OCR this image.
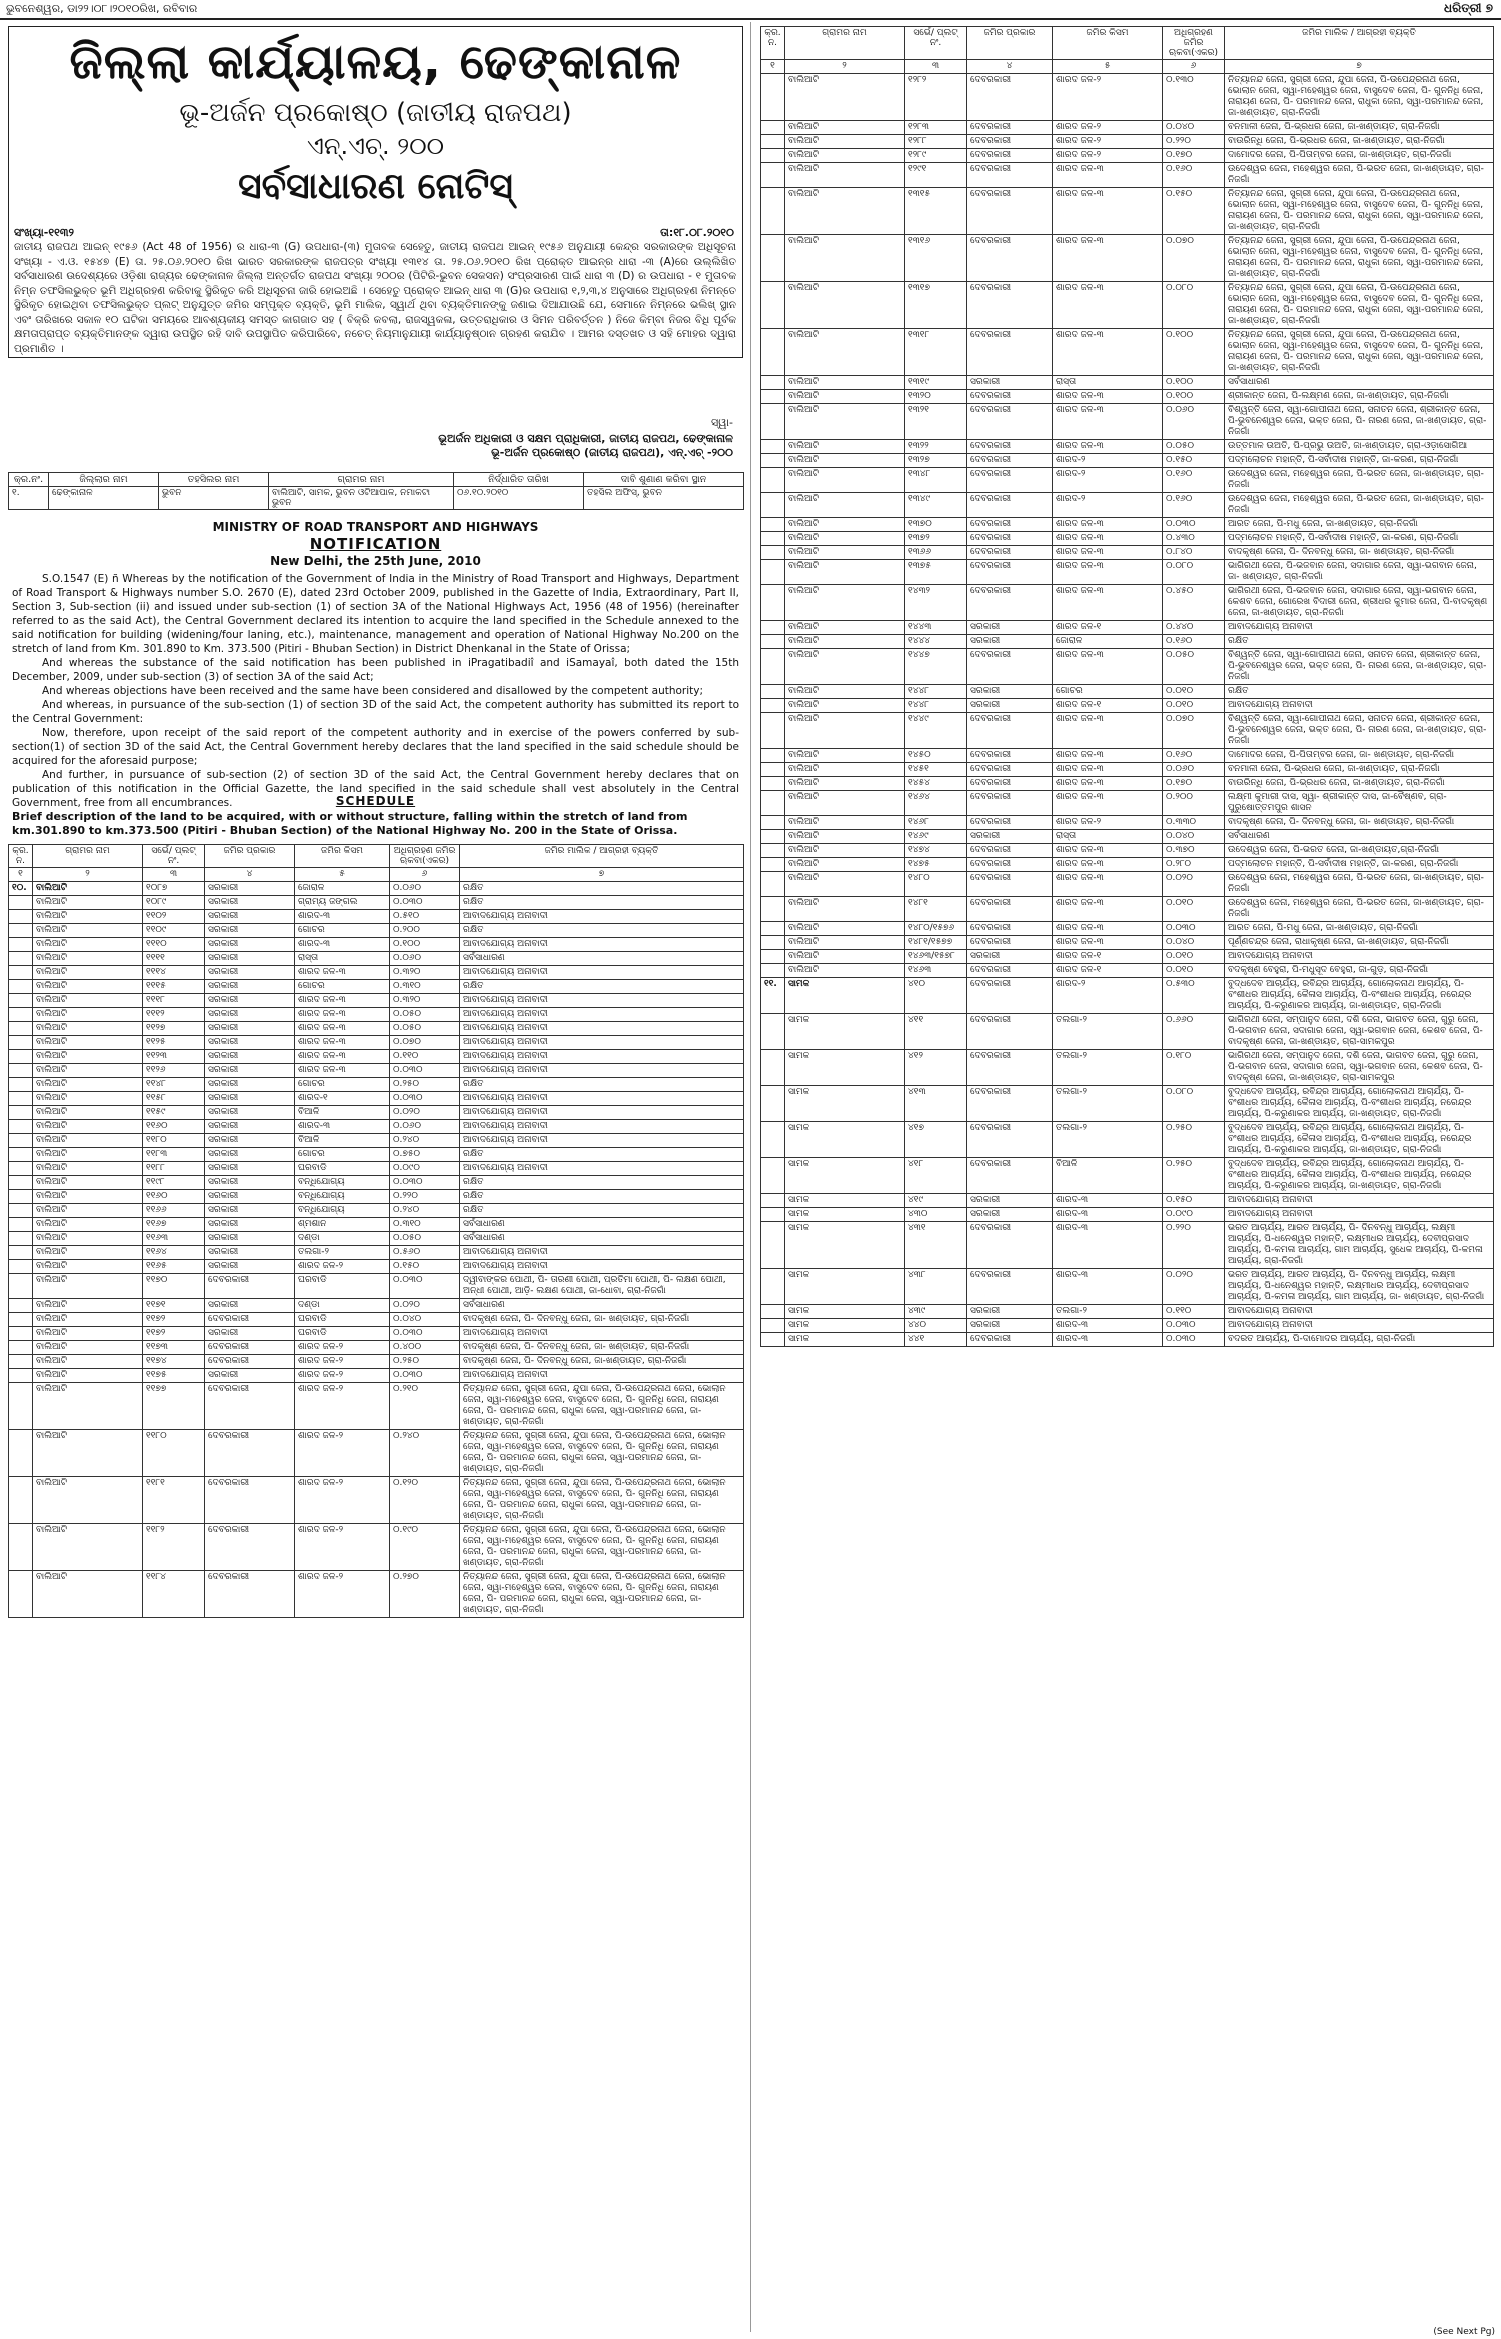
ଭୁବନେଶ୍ୱର, ଡା୨୨।୦୮।୨୦୧୦ରିଖ, ରବିବାର	ଧରିତ୍ରୀ ୭
ଜିଲ୍ଲା କାର୍ଯ୍ୟାଳୟ, ଢେଙ୍କାନାଳ
ଭୂ-ଅର୍ଜନ ପ୍ରକୋଷ୍ଠ (ଜାତୀୟ ରାଜପଥ)
ଏନ୍.ଏଚ୍. ୨୦୦
ସର୍ବସାଧାରଣ ନୋଟିସ୍
ସଂଖ୍ୟା-୧୧୩୨	ତା:୧୮.୦୮.୨୦୧୦
ଜାତୀୟ ରାଜପଥ ଆଇନ୍ ୧୯୫୬ (Act 48 of 1956) ର ଧାରା-୩ (G) ଉପଧାରା-(୩) ମୁତାବକ ସେହେତୁ, ଜାତୀୟ ରାଜପଥ ଆଇନ୍ ୧୯୫୬ ଅନୁଯାୟୀ କେନ୍ଦ୍ର ସରକାରଙ୍କ ଅଧିସୂଚନା ସଂଖ୍ୟା - ଏ.ଓ. ୧୫୪୭ (E) ତା. ୨୫.୦୬.୨୦୧୦ ରିଖ ଭାରତ ସରକାରଙ୍କ ରାଜପତ୍ର ସଂଖ୍ୟା ୧୩୧୪ ତା. ୨୫.୦୬.୨୦୧୦ ରିଖ ପ୍ରୋକ୍ତ ଆଇନ୍‌ର ଧାରା -୩ (A)ରେ ଉଲ୍ଲିଖିତ ସର୍ବସାଧାରଣ ଉଦେଶ୍ୟରେ ଓଡ଼ିଶା ରାଜ୍ୟର ଢେଙ୍କାନାଳ ଜିଲ୍ଲା ଅନ୍ତର୍ଗତ ରାଜପଥ ସଂଖ୍ୟା ୨୦୦ର (ପିଟିରି-ଭୁବନ ସେକସନ) ସଂପ୍ରସାରଣ ପାଇଁ ଧାରା ୩ (D) ର ଉପଧାରା - ୧ ମୁତାବକ ନିମ୍ନ ତଫସିଲଭୁକ୍ତ ଭୂମି ଅଧିଗ୍ରହଣ କରିବାକୁ ସ୍ଥିରିକୃତ କରି ଅଧିସୂଚନା ଜାରି ହୋଇଅଛି । ସେହେତୁ ପ୍ରୋକ୍ତ ଆଇନ୍ ଧାରା ୩ (G)ର ଉପଧାରା ୧,୨,୩,୪ ଅନୁସାରେ ଅଧିଗ୍ରହଣ ନିମନ୍ତେ ସ୍ଥିରିକୃତ ହୋଇଥିବା ତଫସିଲଭୁକ୍ତ ପ୍ଲଟ୍ ଅନୁଯୁତ୍ତ ଜମିର ସମ୍ପୃକ୍ତ ବ୍ୟକ୍ତି, ଭୂମି ମାଲିକ, ସ୍ୱାର୍ଥ ଥିବା ବ୍ୟକ୍ତିମାନଙ୍କୁ ଜଣାଇ ଦିଆଯାଉଛି ଯେ, ସେମାନେ ନିମ୍ନରେ ଭଲିଖ୍ ସ୍ଥାନ ଏବଂ ତାରିଖରେ ସକାଳ ୧୦ ଘଟିକା ସମୟରେ ଆବଶ୍ୟକୀୟ ସମସ୍ତ କାଗଜାତ ସହ ( ବିକ୍ରି କବଲା, ରାଜସ୍ୱକଳା, ଉତ୍ତରାଧିକାର ଓ ସିମନ ପରିବର୍ତ୍ତନ ) ନିଜେ କିମ୍ବା ନିଜର ବିଧି ପୂର୍ବକ କ୍ଷମତାପ୍ରାପ୍ତ ବ୍ୟକ୍ତିମାନଙ୍କ ଦ୍ୱାରା ଉପସ୍ଥିତ ରହି ଦାବି ଉପସ୍ଥାପିତ କରିପାରିବେ, ନଚେତ୍ ନିୟମାନୁଯାୟୀ କାର୍ଯ୍ୟାନୁଷ୍ଠାନ ଗ୍ରହଣ କରାଯିବ । ଆମର ଦସ୍ତଖତ ଓ ସହି ମୋହର ଦ୍ୱାରା ପ୍ରମାଣିତ ।
ସ୍ୱା-
ଭୂଅର୍ଜନ ଅଧିକାରୀ ଓ ସକ୍ଷମ ପ୍ରାଧିକାରୀ, ଜାତୀୟ ରାଜପଥ, ଢେଙ୍କାନାଳ
ଭୂ-ଅର୍ଜନ ପ୍ରକୋଷ୍ଠ (ଜାତୀୟ ରାଜପଥ), ଏନ୍.ଏଚ୍ -୨୦୦
କ୍ର.ନଂ.	ଜିଲ୍ଲାର ନାମ	ତହସିଲର ନାମ	ଗ୍ରାମର ନାମ	ନିର୍ଦ୍ଧାରିତ ତାରିଖ	ଦାବି ଶୁଣାଣ କରିବା ସ୍ଥାନ
୧.	ଢେଙ୍କାନାଳ	ଭୁବନ	ବାଲିଆଟି, ସାମକ, ଭୁବନ ଓଟିଆପାଳ, ନମାକଟା ଭୁବନ	୦୬.୧୦.୨୦୧୦	ତହସିଲ ଅଫିସ୍, ଭୁବନ
MINISTRY OF ROAD TRANSPORT AND HIGHWAYS
NOTIFICATION
New Delhi, the 25th June, 2010

S.O.1547 (E) ñ Whereas by the notification of the Government of India in the Ministry of Road Transport and Highways, Department of Road Transport & Highways number S.O. 2670 (E), dated 23rd October 2009, published in the Gazette of India, Extraordinary, Part II, Section 3, Sub-section (ii) and issued under sub-section (1) of section 3A of the National Highways Act, 1956 (48 of 1956) (hereinafter referred to as the said Act), the Central Government declared its intention to acquire the land specified in the Schedule annexed to the said notification for building (widening/four laning, etc.), maintenance, management and operation of National Highway No.200 on the stretch of land from Km. 301.890 to Km. 373.500 (Pitiri - Bhuban Section) in District Dhenkanal in the State of Orissa;

And whereas the substance of the said notification has been published in iPragatibadiî and iSamayaî, both dated the 15th December, 2009, under sub-section (3) of section 3A of the said Act;

And whereas objections have been received and the same have been considered and disallowed by the competent authority;

And whereas, in pursuance of the sub-section (1) of section 3D of the said Act, the competent authority has submitted its report to the Central Government:

Now, therefore, upon receipt of the said report of the competent authority and in exercise of the powers conferred by sub-section(1) of section 3D of the said Act, the Central Government hereby declares that the land specified in the said schedule should be acquired for the aforesaid purpose;

And further, in pursuance of sub-section (2) of section 3D of the said Act, the Central Government hereby declares that on publication of this notification in the Official Gazette, the land specified in the said schedule shall vest absolutely in the Central Government, free from all encumbrances.	SCHEDULE
Brief description of the land to be acquired, with or without structure, falling within the stretch of land from km.301.890 to km.373.500 (Pitiri - Bhuban Section) of the National Highway No. 200 in the State of Orissa.
କ୍ର. ନ.	ଗ୍ରାମର ନାମ	ସର୍ଭେ/ ପ୍ଲଟ୍ ନଂ.	ଜମିର ପ୍ରକାର	ଜମିର କିସମ	ଅଧିଗ୍ରହଣ ଜମିର ଋକବା(ଏକର)	ଜମିର ମାଲିକ / ଆଗ୍ରହୀ ବ୍ୟକ୍ତି
୧	୨	୩	୪	୫	୬	୭
୧୦.	ବାଲିଆଟି	୧୦୮୭	ସରକାରୀ	ଜୋରାଳ	୦.୦୬୦	ରକ୍ଷିତ
	ବାଲିଆଟି	୧୦୮୯	ସରକାରୀ	ଗ୍ରାମ୍ୟ ଜଙ୍ଗଲ	୦.୦୩୦	ରକ୍ଷିତ
	ବାଲିଆଟି	୧୧୦୨	ସରକାରୀ	ଶାରଦ-୩	୦.୫୧୦	ଆବାଦଯୋଗ୍ୟ ଅନାବାଦୀ
	ବାଲିଆଟି	୧୧୦୯	ସରକାରୀ	ଗୋଚର	୦.୨୦୦	ରକ୍ଷିତ
	ବାଲିଆଟି	୧୧୧୦	ସରକାରୀ	ଶାରଦ-୩	୦.୧୦୦	ଆବାଦଯୋଗ୍ୟ ଅନାବାଦୀ
	ବାଲିଆଟି	୧୧୧୧	ସରକାରୀ	ରାସ୍ତା	୦.୦୬୦	ସର୍ବସାଧାରଣ
	ବାଲିଆଟି	୧୧୧୪	ସରକାରୀ	ଶାରଦ ଜଳ-୩	୦.୩୨୦	ଆବାଦଯୋଗ୍ୟ ଅନାବାଦୀ
	ବାଲିଆଟି	୧୧୧୫	ସରକାରୀ	ଗୋଚର	୦.୩୧୦	ରକ୍ଷିତ
	ବାଲିଆଟି	୧୧୧୮	ସରକାରୀ	ଶାରଦ ଜଳ-୩	୦.୩୨୦	ଆବାଦଯୋଗ୍ୟ ଅନାବାଦୀ
	ବାଲିଆଟି	୧୧୧୨	ସରକାରୀ	ଶାରଦ ଜଳ-୩	୦.୦୫୦	ଆବାଦଯୋଗ୍ୟ ଅନାବାଦୀ
	ବାଲିଆଟି	୧୧୨୭	ସରକାରୀ	ଶାରଦ ଜଳ-୩	୦.୦୫୦	ଆବାଦଯୋଗ୍ୟ ଅନାବାଦୀ
	ବାଲିଆଟି	୧୧୨୫	ସରକାରୀ	ଶାରଦ ଜଳ-୩	୦.୦୭୦	ଆବାଦଯୋଗ୍ୟ ଅନାବାଦୀ
	ବାଲିଆଟି	୧୧୨୩	ସରକାରୀ	ଶାରଦ ଜଳ-୩	୦.୧୧୦	ଆବାଦଯୋଗ୍ୟ ଅନାବାଦୀ
	ବାଲିଆଟି	୧୧୨୬	ସରକାରୀ	ଶାରଦ ଜଳ-୩	୦.୦୩୦	ଆବାଦଯୋଗ୍ୟ ଅନାବାଦୀ
	ବାଲିଆଟି	୧୧୪୮	ସରକାରୀ	ଗୋଚର	୦.୨୫୦	ରକ୍ଷିତ
	ବାଲିଆଟି	୧୧୫୮	ସରକାରୀ	ଶାରଦ-୧	୦.୦୩୦	ଆବାଦଯୋଗ୍ୟ ଅନାବାଦୀ
	ବାଲିଆଟି	୧୧୫୯	ସରକାରୀ	ବିଆଳି	୦.୦୨୦	ଆବାଦଯୋଗ୍ୟ ଅନାବାଦୀ
	ବାଲିଆଟି	୧୧୬୦	ସରକାରୀ	ଶାରଦ-୩	୦.୦୬୦	ଆବାଦଯୋଗ୍ୟ ଅନାବାଦୀ
	ବାଲିଆଟି	୧୧୮୦	ସରକାରୀ	ବିଆଳି	୦.୨୪୦	ଆବାଦଯୋଗ୍ୟ ଅନାବାଦୀ
	ବାଲିଆଟି	୧୧୮୩	ସରକାରୀ	ଗୋଚର	୦.୭୫୦	ରକ୍ଷିତ
	ବାଲିଆଟି	୧୧୮୮	ସରକାରୀ	ଘରବାଡି	୦.୦୯୦	ଆବାଦଯୋଗ୍ୟ ଅନାବାଦୀ
	ବାଲିଆଟି	୧୧୯୮	ସରକାରୀ	ବନ୍ଧିଯୋଗ୍ୟ	୦.୦୩୦	ରକ୍ଷିତ
	ବାଲିଆଟି	୧୧୬୦	ସରକାରୀ	ବନ୍ଧିଯୋଗ୍ୟ	୦.୨୨୦	ରକ୍ଷିତ
	ବାଲିଆଟି	୧୧୬୬	ସରକାରୀ	ବନ୍ଧିଯୋଗ୍ୟ	୦.୨୪୦	ରକ୍ଷିତ
	ବାଲିଆଟି	୧୧୬୭	ସରକାରୀ	ଶ୍ମଶାନ	୦.୩୧୦	ସର୍ବସାଧାରଣ
	ବାଲିଆଟି	୧୧୬୩	ସରକାରୀ	ଦଣ୍ଡା	୦.୦୫୦	ସର୍ବସାଧାରଣ
	ବାଲିଆଟି	୧୧୬୪	ସରକାରୀ	ତଲଗା-୨	୦.୫୬୦	ଆବାଦଯୋଗ୍ୟ ଅନାବାଦୀ
	ବାଲିଆଟି	୧୧୬୫	ସରକାରୀ	ଶାରଦ ଜଳ-୨	୦.୧୫୦	ଆବାଦଯୋଗ୍ୟ ଅନାବାଦୀ
	ବାଲିଆଟି	୧୧୭୦	ଦେବରକାରୀ	ଘରବାଡି	୦.୦୩୦	ଦ୍ୱୀବାଙ୍କର ପୋଥୀ, ପି- ତାରଣୀ ପୋଥୀ, ପ୍ରତିମା ପୋଥୀ, ପି- ଲକ୍ଷଣ ପୋଥୀ, ଅନ୍ଧୀ ପୋଥୀ, ଆଡ଼ି- ଲକ୍ଷଣ ପୋଥୀ, ଜା-ଧୋବା, ଗ୍ରା-ନିଜଗାଁ
	ବାଲିଆଟି	୧୧୭୧	ସରକାରୀ	ଦଣ୍ଡା	୦.୦୨୦	ସର୍ବସାଧାରଣ
	ବାଲିଆଟି	୧୧୭୨	ଦେବରକାରୀ	ଘରବାଡି	୦.୦୪୦	ବାଦକୃଷ୍ଣ ଜେନା, ପି- ଦିନବନ୍ଧୁ ଜେନା, ଜା- ଖଣ୍ଡାୟତ, ଗ୍ରା-ନିଜଗାଁ
	ବାଲିଆଟି	୧୧୭୨	ସରକାରୀ	ଘରବାଡି	୦.୦୩୦	ଆବାଦଯୋଗ୍ୟ ଅନାବାଦୀ
	ବାଲିଆଟି	୧୧୭୩	ଦେବରକାରୀ	ଶାରଦ ଜଳ-୨	୦.୪୦୦	ବାଦକୃଷ୍ଣ ଜେନା, ପି- ଦିନବନ୍ଧୁ ଜେନା, ଜା- ଖଣ୍ଡାୟତ, ଗ୍ରା-ନିଜଗାଁ
	ବାଲିଆଟି	୧୧୭୪	ଦେବରକାରୀ	ଶାରଦ ଜଳ-୨	୦.୨୫୦	ବାଦକୃଷ୍ଣ ଜେନା, ପି- ଦିନବନ୍ଧୁ ଜେନା, ଜା-ଖଣ୍ଡାୟତ, ଗ୍ରା-ନିଜଗାଁ
	ବାଲିଆଟି	୧୧୭୫	ସରକାରୀ	ଶାରଦ ଜଳ-୨	୦.୦୩୦	ଆବାଦଯୋଗ୍ୟ ଅନାବାଦୀ
	ବାଲିଆଟି	୧୧୭୭	ଦେବରକାରୀ	ଶାରଦ ଜଳ-୨	୦.୨୧୦	ନିତ୍ୟାନନ୍ଦ ଜେନା, ସୁଗ୍ରୀ ଜେନା, ନ୍ଦୁପା ଜେନା, ପି-ଉପେନ୍ଦ୍ରନାଥ ଜେନା, ଭୋଲାନ ଜେନା, ସ୍ୱା-ମହେଶ୍ୱର ଜେନା, ବାସୁଦେବ ଜେନା, ପି- ଗୁନନିଧି ଜେନା, ନାରାୟଣ ଜେନା, ପି- ପରମାନନ୍ଦ ଜେନା, ରାଧୁକା ଜେନା, ସ୍ୱା-ପରମାନନ୍ଦ ଜେନା, ଜା-ଖଣ୍ଡାୟତ, ଗ୍ରା-ନିଜଗାଁ
	ବାଲିଆଟି	୧୧୮୦	ଦେବରକାରୀ	ଶାରଦ ଜଳ-୨	୦.୨୪୦	ନିତ୍ୟାନନ୍ଦ ଜେନା, ସୁଗ୍ରୀ ଜେନା, ନ୍ଦୁପା ଜେନା, ପି-ଉପେନ୍ଦ୍ରନାଥ ଜେନା, ଭୋଲାନ ଜେନା, ସ୍ୱା-ମହେଶ୍ୱର ଜେନା, ବାସୁଦେବ ଜେନା, ପି- ଗୁନନିଧି ଜେନା, ନାରାୟଣ ଜେନା, ପି- ପରମାନନ୍ଦ ଜେନା, ରାଧୁକା ଜେନା, ସ୍ୱା-ପରମାନନ୍ଦ ଜେନା, ଜା-ଖଣ୍ଡାୟତ, ଗ୍ରା-ନିଜଗାଁ
	ବାଲିଆଟି	୧୧୮୧	ଦେବରକାରୀ	ଶାରଦ ଜଳ-୨	୦.୧୨୦	ନିତ୍ୟାନନ୍ଦ ଜେନା, ସୁଗ୍ରୀ ଜେନା, ନ୍ଦୁପା ଜେନା, ପି-ଉପେନ୍ଦ୍ରନାଥ ଜେନା, ଭୋଲାନ ଜେନା, ସ୍ୱା-ମହେଶ୍ୱର ଜେନା, ବାସୁଦେବ ଜେନା, ପି- ଗୁନନିଧି ଜେନା, ନାରାୟଣ ଜେନା, ପି- ପରମାନନ୍ଦ ଜେନା, ରାଧୁକା ଜେନା, ସ୍ୱା-ପରମାନନ୍ଦ ଜେନା, ଜା-ଖଣ୍ଡାୟତ, ଗ୍ରା-ନିଜଗାଁ
	ବାଲିଆଟି	୧୧୮୨	ଦେବରକାରୀ	ଶାରଦ ଜଳ-୨	୦.୧୯୦	ନିତ୍ୟାନନ୍ଦ ଜେନା, ସୁଗ୍ରୀ ଜେନା, ନ୍ଦୁପା ଜେନା, ପି-ଉପେନ୍ଦ୍ରନାଥ ଜେନା, ଭୋଲାନ ଜେନା, ସ୍ୱା-ମହେଶ୍ୱର ଜେନା, ବାସୁଦେବ ଜେନା, ପି- ଗୁନନିଧି ଜେନା, ନାରାୟଣ ଜେନା, ପି- ପରମାନନ୍ଦ ଜେନା, ରାଧୁକା ଜେନା, ସ୍ୱା-ପରମାନନ୍ଦ ଜେନା, ଜା-ଖଣ୍ଡାୟତ, ଗ୍ରା-ନିଜଗାଁ
	ବାଲିଆଟି	୧୧୮୪	ଦେବରକାରୀ	ଶାରଦ ଜଳ-୨	୦.୨୭୦	ନିତ୍ୟାନନ୍ଦ ଜେନା, ସୁଗ୍ରୀ ଜେନା, ନ୍ଦୁପା ଜେନା, ପି-ଉପେନ୍ଦ୍ରନାଥ ଜେନା, ଭୋଲାନ ଜେନା, ସ୍ୱା-ମହେଶ୍ୱର ଜେନା, ବାସୁଦେବ ଜେନା, ପି- ଗୁନନିଧି ଜେନା, ନାରାୟଣ ଜେନା, ପି- ପରମାନନ୍ଦ ଜେନା, ରାଧୁକା ଜେନା, ସ୍ୱା-ପରମାନନ୍ଦ ଜେନା, ଜା-ଖଣ୍ଡାୟତ, ଗ୍ରା-ନିଜଗାଁ
କ୍ର. ନ.	ଗ୍ରାମର ନାମ	ସର୍ଭେ/ ପ୍ଲଟ୍ ନଂ.	ଜମିର ପ୍ରକାର	ଜମିର କିସମ	ଅଧିଗ୍ରହଣ ଜମିର ଋକବା(ଏକର)	ଜମିର ମାଲିକ / ଆଗ୍ରହୀ ବ୍ୟକ୍ତି
୧	୨	୩	୪	୫	୬	୭
	ବାଲିଆଟି	୧୨୮୨	ଦେବରକାରୀ	ଶାରଦ ଜଳ-୨	୦.୧୩୦	ନିତ୍ୟାନନ୍ଦ ଜେନା, ସୁଗ୍ରୀ ଜେନା, ନ୍ଦୁପା ଜେନା, ପି-ଉପେନ୍ଦ୍ରନାଥ ଜେନା, ଭୋଲାନ ଜେନା, ସ୍ୱା-ମହେଶ୍ୱର ଜେନା, ବାସୁଦେବ ଜେନା, ପି- ଗୁନନିଧି ଜେନା, ନାରାୟଣ ଜେନା, ପି- ପରମାନନ୍ଦ ଜେନା, ରାଧୁକା ଜେନା, ସ୍ୱା-ପରମାନନ୍ଦ ଜେନା, ଜା-ଖଣ୍ଡାୟତ, ଗ୍ରା-ନିଜଗାଁ
	ବାଲିଆଟି	୧୨୮୩	ଦେବରକାରୀ	ଶାରଦ ଜଳ-୨	୦.୦୪୦	ବନମାଳୀ ଜେନା, ପି-ଭ୍ରଧର ଜେନା, ଜା-ଖଣ୍ଡାୟତ, ଗ୍ରା-ନିଜଗାଁ
	ବାଲିଆଟି	୧୨୮୮	ଦେବରକାରୀ	ଶାରଦ ଜଳ-୨	୦.୨୨୦	ବାଉରିନ୍ଧି ଜେନା, ପି-ଭ୍ରଧର ଜେନା, ଜା-ଖଣ୍ଡାୟତ, ଗ୍ରା-ନିଜଗାଁ
	ବାଲିଆଟି	୧୨୮୯	ଦେବରକାରୀ	ଶାରଦ ଜଳ-୨	୦.୧୭୦	ଦାମୋଦର ଜେନା, ପି-ପିତାମ୍ବର ଜେନା, ଜା-ଖଣ୍ଡାୟତ, ଗ୍ରା-ନିଜଗାଁ
	ବାଲିଆଟି	୧୨୯୧	ଦେବରକାରୀ	ଶାରଦ ଜଳ-୩	୦.୧୬୦	ଉଦେଶ୍ୱର ଜେନା, ମହେଶ୍ୱର ଜେନା, ପି-ଭରତ ଜେନା, ଜା-ଖଣ୍ଡାୟତ, ଗ୍ରା-ନିଜଗାଁ
	ବାଲିଆଟି	୧୩୧୫	ଦେବରକାରୀ	ଶାରଦ ଜଳ-୩	୦.୧୫୦	ନିତ୍ୟାନନ୍ଦ ଜେନା, ସୁଗ୍ରୀ ଜେନା, ନ୍ଦୁପା ଜେନା, ପି-ଉପେନ୍ଦ୍ରନାଥ ଜେନା, ଭୋଲାନ ଜେନା, ସ୍ୱା-ମହେଶ୍ୱର ଜେନା, ବାସୁଦେବ ଜେନା, ପି- ଗୁନନିଧି ଜେନା, ନାରାୟଣ ଜେନା, ପି- ପରମାନନ୍ଦ ଜେନା, ରାଧୁକା ଜେନା, ସ୍ୱା-ପରମାନନ୍ଦ ଜେନା, ଜା-ଖଣ୍ଡାୟତ, ଗ୍ରା-ନିଜଗାଁ
	ବାଲିଆଟି	୧୩୧୬	ଦେବରକାରୀ	ଶାରଦ ଜଳ-୩	୦.୦୭୦	ନିତ୍ୟାନନ୍ଦ ଜେନା, ସୁଗ୍ରୀ ଜେନା, ନ୍ଦୁପା ଜେନା, ପି-ଉପେନ୍ଦ୍ରନାଥ ଜେନା, ଭୋଲାନ ଜେନା, ସ୍ୱା-ମହେଶ୍ୱର ଜେନା, ବାସୁଦେବ ଜେନା, ପି- ଗୁନନିଧି ଜେନା, ନାରାୟଣ ଜେନା, ପି- ପରମାନନ୍ଦ ଜେନା, ରାଧୁକା ଜେନା, ସ୍ୱା-ପରମାନନ୍ଦ ଜେନା, ଜା-ଖଣ୍ଡାୟତ, ଗ୍ରା-ନିଜଗାଁ
	ବାଲିଆଟି	୧୩୧୭	ଦେବରକାରୀ	ଶାରଦ ଜଳ-୩	୦.୦୮୦	ନିତ୍ୟାନନ୍ଦ ଜେନା, ସୁଗ୍ରୀ ଜେନା, ନ୍ଦୁପା ଜେନା, ପି-ଉପେନ୍ଦ୍ରନାଥ ଜେନା, ଭୋଲାନ ଜେନା, ସ୍ୱା-ମହେଶ୍ୱର ଜେନା, ବାସୁଦେବ ଜେନା, ପି- ଗୁନନିଧି ଜେନା, ନାରାୟଣ ଜେନା, ପି- ପରମାନନ୍ଦ ଜେନା, ରାଧୁକା ଜେନା, ସ୍ୱା-ପରମାନନ୍ଦ ଜେନା, ଜା-ଖଣ୍ଡାୟତ, ଗ୍ରା-ନିଜଗାଁ
	ବାଲିଆଟି	୧୩୧୮	ଦେବରକାରୀ	ଶାରଦ ଜଳ-୩	୦.୧୦୦	ନିତ୍ୟାନନ୍ଦ ଜେନା, ସୁଗ୍ରୀ ଜେନା, ନ୍ଦୁପା ଜେନା, ପି-ଉପେନ୍ଦ୍ରନାଥ ଜେନା, ଭୋଲାନ ଜେନା, ସ୍ୱା-ମହେଶ୍ୱର ଜେନା, ବାସୁଦେବ ଜେନା, ପି- ଗୁନନିଧି ଜେନା, ନାରାୟଣ ଜେନା, ପି- ପରମାନନ୍ଦ ଜେନା, ରାଧୁକା ଜେନା, ସ୍ୱା-ପରମାନନ୍ଦ ଜେନା, ଜା-ଖଣ୍ଡାୟତ, ଗ୍ରା-ନିଜଗାଁ
	ବାଲିଆଟି	୧୩୧୯	ସରକାରୀ	ରାସ୍ତା	୦.୧୦୦	ସର୍ବସାଧାରଣ
	ବାଲିଆଟି	୧୩୨୦	ଦେବରକାରୀ	ଶାରଦ ଜଳ-୩	୦.୧୦୦	ଶ୍ରୀକାନ୍ତ ଜେନା, ପି-ଲକ୍ଷ୍ମଣ ଜେନା, ଜା-ଖଣ୍ଡାୟତ, ଗ୍ରା-ନିଜଗାଁ
	ବାଲିଆଟି	୧୩୨୧	ଦେବରକାରୀ	ଶାରଦ ଜଳ-୩	୦.୦୬୦	ବିଶ୍ୱନ୍ତି ଜେନା, ସ୍ୱା-ଗୋପୀନାଥ ଜେନା, ସନାତନ ଜେନା, ଶ୍ରୀକାନ୍ତ ଜେନା, ପି-ଭୁବନେଶ୍ୱର ଜେନା, ଭକ୍ତ ଜେନା, ପି- ନାରଣ ଜେନା, ଜା-ଖଣ୍ଡାୟତ, ଗ୍ରା-ନିଜଗାଁ
	ବାଲିଆଟି	୧୩୨୨	ଦେବରକାରୀ	ଶାରଦ ଜଳ-୩	୦.୦୫୦	ଉତ୍ତମାଳ ଉଅତି, ପି-ପ୍ରଭୁ ଉଅତି, ଜା-ଖଣ୍ଡାୟତ, ଗ୍ରା-ଓଡ଼ାସୋଗିଆ
	ବାଲିଆଟି	୧୩୨୭	ଦେବରକାରୀ	ଶାରଦ-୨	୦.୧୫୦	ପଦ୍ମଲୋଚନ ମହାନ୍ତି, ପି-ସର୍ବାଦୀଷ ମହାନ୍ତି, ଜା-କରଣ, ଗ୍ରା-ନିଜଗାଁ
	ବାଲିଆଟି	୧୩୪୮	ଦେବରକାରୀ	ଶାରଦ-୨	୦.୧୬୦	ଉଦେଶ୍ୱର ଜେନା, ମହେଶ୍ୱର ଜେନା, ପି-ଭରତ ଜେନା, ଜା-ଖଣ୍ଡାୟତ, ଗ୍ରା-ନିଜଗାଁ
	ବାଲିଆଟି	୧୩୪୯	ଦେବରକାରୀ	ଶାରଦ-୨	୦.୧୬୦	ଉଦେଶ୍ୱର ଜେନା, ମହେଶ୍ୱର ଜେନା, ପି-ଭରତ ଜେନା, ଜା-ଖଣ୍ଡାୟତ, ଗ୍ରା-ନିଜଗାଁ
	ବାଲିଆଟି	୧୩୭୦	ଦେବରକାରୀ	ଶାରଦ ଜଳ-୩	୦.୦୩୦	ଆରତ ଜେନା, ପି-ମଧୁ ଜେନା, ଜା-ଖଣ୍ଡାୟତ, ଗ୍ରା-ନିଜଗାଁ
	ବାଲିଆଟି	୧୩୭୨	ଦେବରକାରୀ	ଶାରଦ ଜଳ-୩	୦.୪୩୦	ପଦ୍ମଲୋଚନ ମହାନ୍ତି, ପି-ସର୍ବାଦୀଷ ମହାନ୍ତି, ଜା-କରଣ, ଗ୍ରା-ନିଜଗାଁ
	ବାଲିଆଟି	୧୩୬୬	ଦେବରକାରୀ	ଶାରଦ ଜଳ-୩	୦.୮୪୦	ବାଦକୃଷ୍ଣ ଜେନା, ପି- ଦିନବନ୍ଧୁ ଜେନା, ଜା- ଖଣ୍ଡାୟତ, ଗ୍ରା-ନିଜଗାଁ
	ବାଲିଆଟି	୧୩୭୫	ଦେବରକାରୀ	ଶାରଦ ଜଳ-୩	୦.୦୮୦	ଭାଗିରଥୀ ଜେନା, ପି-ଭଜବାନ ଜେନା, ସଦାଗାର ଜେନା, ସ୍ୱା-ଭଗବାନ ଜେନା, ଜା- ଖଣ୍ଡାୟତ, ଗ୍ରା-ନିଜଗାଁ
	ବାଲିଆଟି	୧୪୩୨	ଦେବରକାରୀ	ଶାରଦ ଜଳ-୩	୦.୪୫୦	ଭାଗିରଥୀ ଜେନା, ପି-ଭଜବାନ ଜେନା, ସଦାଗାର ଜେନା, ସ୍ୱା-ଭଗବାନ ଜେନା, କେଶବ ଜେନା, ଗୋରେଖ ବିଦାରୀ ଜେନା, ଶ୍ରୀଧର କୁମାର ଜେନା, ପି-ବାଦକୃଷ୍ଣ ଜେନା, ଜା-ଖଣ୍ଡାୟତ, ଗ୍ରା-ନିଜଗାଁ
	ବାଲିଆଟି	୧୪୪୩	ସରକାରୀ	ଶାରଦ ଜଳ-୧	୦.୪୪୦	ଆବାଦଯୋଗ୍ୟ ଅନାବାଦୀ
	ବାଲିଆଟି	୧୪୪୪	ସରକାରୀ	ଜୋରାଳ	୦.୧୬୦	ରକ୍ଷିତ
	ବାଲିଆଟି	୧୪୪୭	ଦେବରକାରୀ	ଶାରଦ ଜଳ-୩	୦.୦୫୦	ବିଶ୍ୱନ୍ତି ଜେନା, ସ୍ୱା-ଗୋପୀନାଥ ଜେନା, ସନାତନ ଜେନା, ଶ୍ରୀକାନ୍ତ ଜେନା, ପି-ଭୁବନେଶ୍ୱର ଜେନା, ଭକ୍ତ ଜେନା, ପି- ନାରଣ ଜେନା, ଜା-ଖଣ୍ଡାୟତ, ଗ୍ରା-ନିଜଗାଁ
	ବାଲିଆଟି	୧୪୪୮	ସରକାରୀ	ଗୋଚର	୦.୦୧୦	ରକ୍ଷିତ
	ବାଲିଆଟି	୧୪୪୮	ସରକାରୀ	ଶାରଦ ଜଳ-୧	୦.୦୧୦	ଆବାଦଯୋଗ୍ୟ ଅନାବାଦୀ
	ବାଲିଆଟି	୧୪୪୯	ଦେବରକାରୀ	ଶାରଦ ଜଳ-୩	୦.୦୭୦	ବିଶ୍ୱନ୍ତି ଜେନା, ସ୍ୱା-ଗୋପୀନାଥ ଜେନା, ସନାତନ ଜେନା, ଶ୍ରୀକାନ୍ତ ଜେନା, ପି-ଭୁବନେଶ୍ୱର ଜେନା, ଭକ୍ତ ଜେନା, ପି- ନାରଣ ଜେନା, ଜା-ଖଣ୍ଡାୟତ, ଗ୍ରା-ନିଜଗାଁ
	ବାଲିଆଟି	୧୪୫୦	ଦେବରକାରୀ	ଶାରଦ ଜଳ-୩	୦.୧୬୦	ଦାମୋଦର ଜେନା, ପି-ପିତାମ୍ବର ଜେନା, ଜା- ଖଣ୍ଡାୟତ, ଗ୍ରା-ନିଜଗାଁ
	ବାଲିଆଟି	୧୪୫୧	ଦେବରକାରୀ	ଶାରଦ ଜଳ-୩	୦.୦୬୦	ବନମାଳୀ ଜେନା, ପି-ଭ୍ରଧର ଜେନା, ଜା-ଖଣ୍ଡାୟତ, ଗ୍ରା-ନିଜଗାଁ
	ବାଲିଆଟି	୧୪୫୪	ଦେବରକାରୀ	ଶାରଦ ଜଳ-୩	୦.୧୭୦	ବାଉରିନ୍ଧି ଜେନା, ପି-ଭ୍ରଧର ଜେନା, ଜା-ଖଣ୍ଡାୟତ, ଗ୍ରା-ନିଜଗାଁ
	ବାଲିଆଟି	୧୪୬୪	ଦେବରକାରୀ	ଶାରଦ ଜଳ-୩	୦.୨୦୦	ଲକ୍ଷ୍ମୀ କୁମାରୀ ଦାସ, ସ୍ୱା- ଶ୍ରୀକାନ୍ତ ଦାସ, ଜା-ବୈଷ୍ଣବ, ଗ୍ରା-ପୁରୁଷୋତ୍ତମପୁର ଶାସନ
	ବାଲିଆଟି	୧୪୬୮	ଦେବରକାରୀ	ଶାରଦ ଜଳ-୨	୦.୩୩୦	ବାଦକୃଷ୍ଣ ଜେନା, ପି- ଦିନବନ୍ଧୁ ଜେନା, ଜା- ଖଣ୍ଡାୟତ, ଗ୍ରା-ନିଜଗାଁ
	ବାଲିଆଟି	୧୪୬୯	ସରକାରୀ	ରାସ୍ତା	୦.୦୪୦	ସର୍ବସାଧାରଣ
	ବାଲିଆଟି	୧୪୭୪	ଦେବରକାରୀ	ଶାରଦ ଜଳ-୩	୦.୩୭୦	ଉଦେଶ୍ୱର ଜେନା, ପି-ଭରତ ଜେନା, ଜା-ଖଣ୍ଡାୟତ,ଗ୍ରା-ନିଜଗାଁ
	ବାଲିଆଟି	୧୪୭୫	ଦେବରକାରୀ	ଶାରଦ ଜଳ-୩	୦.୨୮୦	ପଦ୍ମଲୋଚନ ମହାନ୍ତି, ପି-ସର୍ବାଦୀଷ ମହାନ୍ତି, ଜା-କରଣ, ଗ୍ରା-ନିଜଗାଁ
	ବାଲିଆଟି	୧୪୮୦	ଦେବରକାରୀ	ଶାରଦ ଜଳ-୩	୦.୦୨୦	ଉଦେଶ୍ୱର ଜେନା, ମହେଶ୍ୱର ଜେନା, ପି-ଭରତ ଜେନା, ଜା-ଖଣ୍ଡାୟତ, ଗ୍ରା-ନିଜଗାଁ
	ବାଲିଆଟି	୧୪୮୧	ଦେବରକାରୀ	ଶାରଦ ଜଳ-୩	୦.୦୧୦	ଉଦେଶ୍ୱର ଜେନା, ମହେଶ୍ୱର ଜେନା, ପି-ଭରତ ଜେନା, ଜା-ଖଣ୍ଡାୟତ, ଗ୍ରା-ନିଜଗାଁ
	ବାଲିଆଟି	୧୪୮୦/୧୫୭୬	ଦେବରକାରୀ	ଶାରଦ ଜଳ-୩	୦.୦୩୦	ଆରତ ଜେନା, ପି-ମଧୁ ଜେନା, ଜା-ଖଣ୍ଡାୟତ, ଗ୍ରା-ନିଜଗାଁ
	ବାଲିଆଟି	୧୪୮୧/୧୫୭୭	ଦେବରକାରୀ	ଶାରଦ ଜଳ-୩	୦.୦୪୦	ପୂର୍ଣ୍ଣଚନ୍ଦ୍ର ଜେନା, ରାଧାକୃଷ୍ଣ ଜେନା, ଜା-ଖଣ୍ଡାୟତ, ଗ୍ରା-ନିଜଗାଁ
	ବାଲିଆଟି	୧୪୬୩/୧୫୭୮	ସରକାରୀ	ଶାରଦ ଜଳ-୧	୦.୦୧୦	ଆବାଦଯୋଗ୍ୟ ଅନାବାଦୀ
	ବାଲିଆଟି	୧୪୬୩	ଦେବରକାରୀ	ଶାରଦ ଜଳ-୧	୦.୦୧୦	ବଦକୃଷ୍ଣ ବେହୁରା, ପି-ମଧୁସୂଦ ବେହୁରା, ଜା-ଗୁଡ଼, ଗ୍ରା-ନିଜଗାଁ
୧୧.	ସାମକ	୪୧୦	ଦେବରକାରୀ	ଶାରଦ-୨	୦.୫୩୦	ବୁଦ୍ଧଦେବ ଆଚାର୍ଯ୍ୟ, ରବିନ୍ଦ୍ର ଆଚାର୍ଯ୍ୟ, ଗୋଲୋକନାଥ ଆଚାର୍ଯ୍ୟ, ପି-ବଂଶୀଧର ଆଚାର୍ଯ୍ୟ, କୈଳାସ ଆଚାର୍ଯ୍ୟ, ପି-ବଂଶୀଧର ଆଚାର୍ଯ୍ୟ, ନରେନ୍ଦ୍ର ଆଚାର୍ଯ୍ୟ, ପି-କରୁଣାକର ଆଚାର୍ଯ୍ୟ, ଜା-ଖଣ୍ଡାୟତ, ଗ୍ରା-ନିଜଗାଁ
	ସାମକ	୪୧୧	ଦେବରକାରୀ	ତଲଗା-୨	୦.୬୬୦	ଭାଗିରଥୀ ଜେନା, ସମ୍ପାନୁଦ ଜେନା, ଦଶି ଜେନା, ଭାଗବତ ଜେନା, ଗୁରୁ ଜେନା, ପି-ଭଗବାନ ଜେନା, ସଦାଗାର ଜେନା, ସ୍ୱା-ଭଗବାନ ଜେନା, କେଶବ ଜେନା, ପି-ବାଦକୃଷ୍ଣ ଜେନା, ଜା-ଖଣ୍ଡାୟତ, ଗ୍ରା-ସାମକପୁର
	ସାମକ	୪୧୨	ଦେବରକାରୀ	ତଲଗା-୨	୦.୧୮୦	ଭାଗିରଥୀ ଜେନା, ସମ୍ପାନୁଦ ଜେନା, ଦଶି ଜେନା, ଭାଗବତ ଜେନା, ଗୁରୁ ଜେନା, ପି-ଭଗବାନ ଜେନା, ସଦାଗାର ଜେନା, ସ୍ୱା-ଭଗବାନ ଜେନା, କେଶବ ଜେନା, ପି-ବାଦକୃଷ୍ଣ ଜେନା, ଜା-ଖଣ୍ଡାୟତ, ଗ୍ରା-ସାମକପୁର
	ସାମକ	୪୧୩	ଦେବରକାରୀ	ତଲଗା-୨	୦.୦୮୦	ବୁଦ୍ଧଦେବ ଆଚାର୍ଯ୍ୟ, ରବିନ୍ଦ୍ର ଆଚାର୍ଯ୍ୟ, ଗୋଲୋକନାଥ ଆଚାର୍ଯ୍ୟ, ପି-ବଂଶୀଧର ଆଚାର୍ଯ୍ୟ, କୈଳାସ ଆଚାର୍ଯ୍ୟ, ପି-ବଂଶୀଧର ଆଚାର୍ଯ୍ୟ, ନରେନ୍ଦ୍ର ଆଚାର୍ଯ୍ୟ, ପି-କରୁଣାକର ଆଚାର୍ଯ୍ୟ, ଜା-ଖଣ୍ଡାୟତ, ଗ୍ରା-ନିଜଗାଁ
	ସାମକ	୪୧୭	ଦେବରକାରୀ	ତଲଗା-୨	୦.୨୫୦	ବୁଦ୍ଧଦେବ ଆଚାର୍ଯ୍ୟ, ରବିନ୍ଦ୍ର ଆଚାର୍ଯ୍ୟ, ଗୋଲୋକନାଥ ଆଚାର୍ଯ୍ୟ, ପି-ବଂଶୀଧର ଆଚାର୍ଯ୍ୟ, କୈଳାସ ଆଚାର୍ଯ୍ୟ, ପି-ବଂଶୀଧର ଆଚାର୍ଯ୍ୟ, ନରେନ୍ଦ୍ର ଆଚାର୍ଯ୍ୟ, ପି-କରୁଣାକର ଆଚାର୍ଯ୍ୟ, ଜା-ଖଣ୍ଡାୟତ, ଗ୍ରା-ନିଜଗାଁ
	ସାମକ	୪୧୮	ଦେବରକାରୀ	ବିଆଳି	୦.୨୫୦	ବୁଦ୍ଧଦେବ ଆଚାର୍ଯ୍ୟ, ରବିନ୍ଦ୍ର ଆଚାର୍ଯ୍ୟ, ଗୋଲୋକନାଥ ଆଚାର୍ଯ୍ୟ, ପି-ବଂଶୀଧର ଆଚାର୍ଯ୍ୟ, କୈଳାସ ଆଚାର୍ଯ୍ୟ, ପି-ବଂଶୀଧର ଆଚାର୍ଯ୍ୟ, ନରେନ୍ଦ୍ର ଆଚାର୍ଯ୍ୟ, ପି-କରୁଣାକର ଆଚାର୍ଯ୍ୟ, ଜା-ଖଣ୍ଡାୟତ, ଗ୍ରା-ନିଜଗାଁ
	ସାମକ	୪୧୯	ସରକାରୀ	ଶାରଦ-୩	୦.୧୫୦	ଆବାଦଯୋଗ୍ୟ ଅନାବାଦୀ
	ସାମକ	୪୩୦	ସରକାରୀ	ଶାରଦ-୩	୦.୦୯୦	ଆବାଦଯୋଗ୍ୟ ଅନାବାଦୀ
	ସାମକ	୪୩୧	ଦେବରକାରୀ	ଶାରଦ-୩	୦.୨୨୦	ଭରତ ଆଚାର୍ଯ୍ୟ, ଆରତ ଆଚାର୍ଯ୍ୟ, ପି- ଦିନବନ୍ଧୁ ଆଚାର୍ଯ୍ୟ, ଲକ୍ଷ୍ମୀ ଆଚାର୍ଯ୍ୟ, ପି-ଧନେଶ୍ୱର ମହାନ୍ତି, ଲକ୍ଷ୍ମୀଧର ଆଚାର୍ଯ୍ୟ, ଦେବୀପ୍ରସାଦ ଆଚାର୍ଯ୍ୟ, ପି-କମଳା ଆଚାର୍ଯ୍ୟ, ଗାମ ଆଚାର୍ଯ୍ୟ, ସୁଧେକ ଆଚାର୍ଯ୍ୟ, ପି-କମଳା ଆଚାର୍ଯ୍ୟ, ଗ୍ରା-ନିଜଗାଁ
	ସାମକ	୪୩୮	ଦେବରକାରୀ	ଶାରଦ-୩	୦.୦୨୦	ଭରତ ଆଚାର୍ଯ୍ୟ, ଆରତ ଆଚାର୍ଯ୍ୟ, ପି- ଦିନବନ୍ଧୁ ଆଚାର୍ଯ୍ୟ, ଲକ୍ଷ୍ମୀ ଆଚାର୍ଯ୍ୟ, ପି-ଧନେଶ୍ୱର ମହାନ୍ତି, ଲକ୍ଷ୍ମୀଧର ଆଚାର୍ଯ୍ୟ, ଦେବୀପ୍ରସାଦ ଆଚାର୍ଯ୍ୟ, ପି-କମଳା ଆଚାର୍ଯ୍ୟ, ଗାମ ଆଚାର୍ଯ୍ୟ, ଜା- ଖଣ୍ଡାୟତ, ଗ୍ରା-ନିଜଗାଁ
	ସାମକ	୪୩୯	ସରକାରୀ	ତଲଗା-୨	୦.୧୧୦	ଆବାଦଯୋଗ୍ୟ ଅନାବାଦୀ
	ସାମକ	୪୪୦	ସରକାରୀ	ଶାରଦ-୩	୦.୦୩୦	ଆବାଦଯୋଗ୍ୟ ଅନାବାଦୀ
	ସାମକ	୪୪୧	ଦେବରକାରୀ	ଶାରଦ-୩	୦.୦୩୦	ବଦରତ ଆଚାର୍ଯ୍ୟ, ପି-ଦାମୋଦର ଆଚାର୍ଯ୍ୟ, ଗ୍ରା-ନିଜଗାଁ
(See Next Pg)
